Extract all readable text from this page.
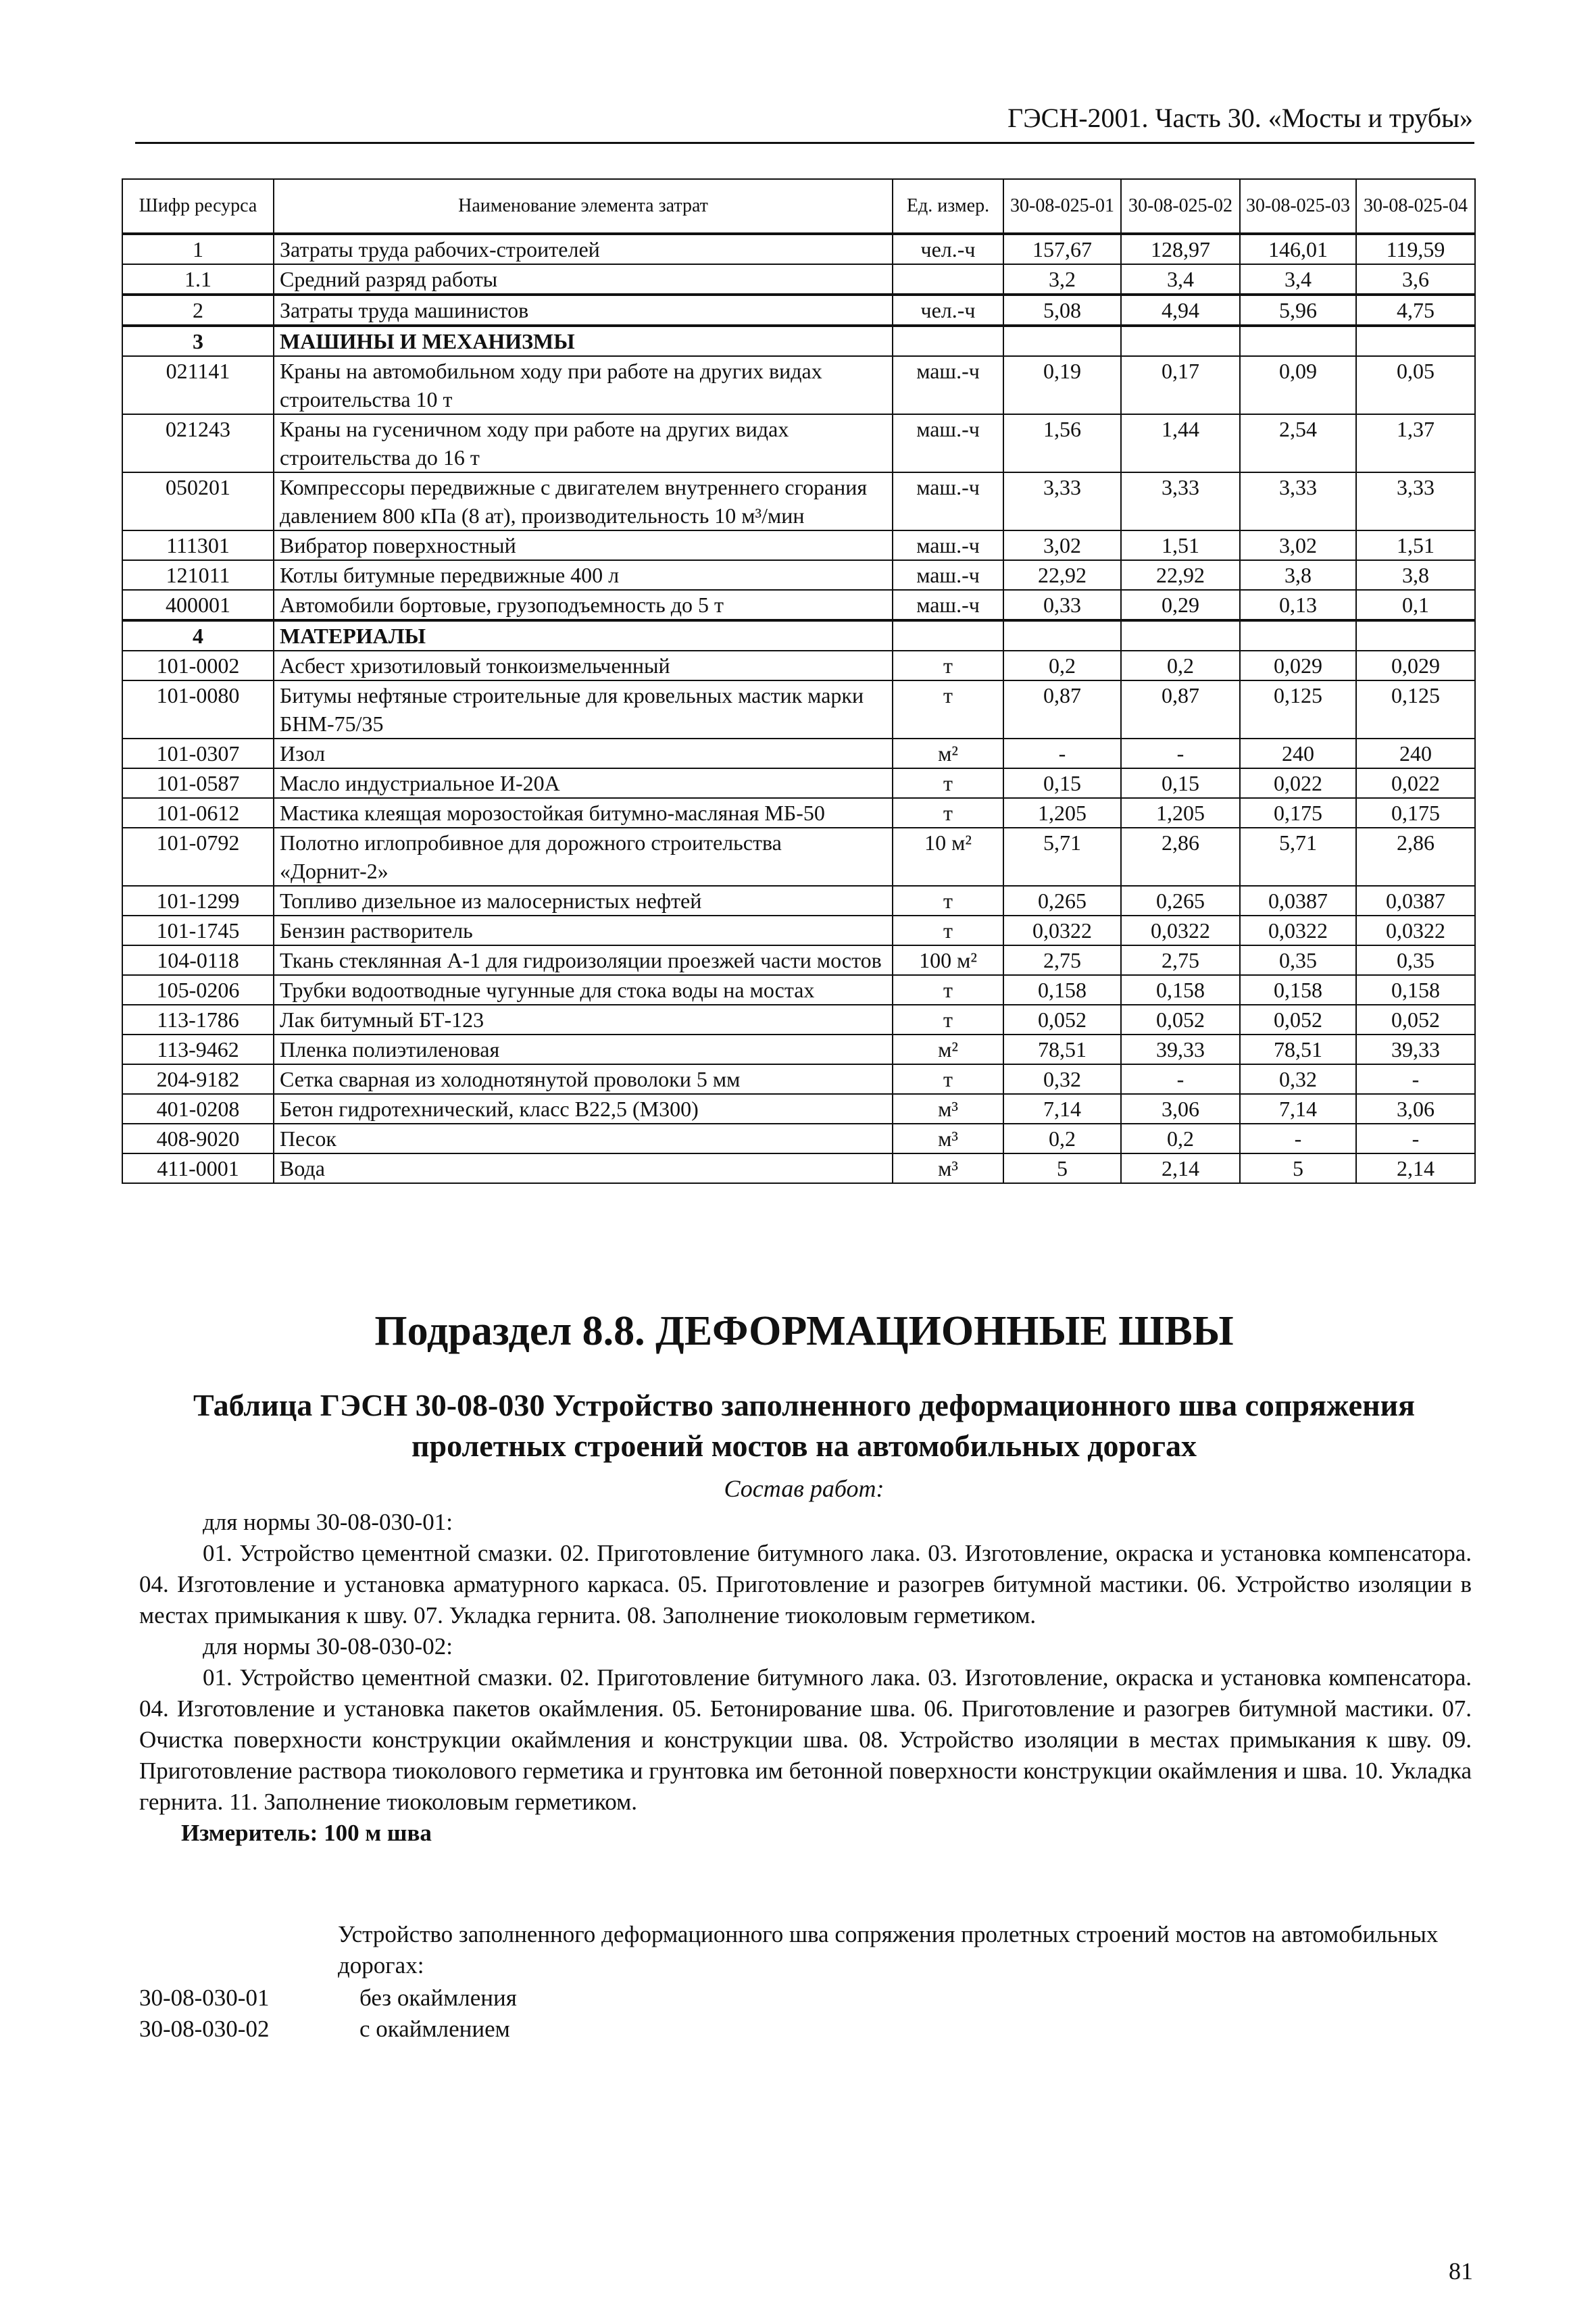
ГЭСН-2001. Часть 30. «Мосты и трубы»
Шифр ресурса	Наименование элемента затрат	Ед. измер.	30-08-025-01	30-08-025-02	30-08-025-03	30-08-025-04
1	Затраты труда рабочих-строителей	чел.-ч	157,67	128,97	146,01	119,59
1.1	Средний разряд работы		3,2	3,4	3,4	3,6
2	Затраты труда машинистов	чел.-ч	5,08	4,94	5,96	4,75
3	МАШИНЫ И МЕХАНИЗМЫ					
021141	Краны на автомобильном ходу при работе на других видах строительства 10 т	маш.-ч	0,19	0,17	0,09	0,05
021243	Краны на гусеничном ходу при работе на других видах строительства до 16 т	маш.-ч	1,56	1,44	2,54	1,37
050201	Компрессоры передвижные с двигателем внутреннего сгорания давлением 800 кПа (8 ат), производительность 10 м³/мин	маш.-ч	3,33	3,33	3,33	3,33
111301	Вибратор поверхностный	маш.-ч	3,02	1,51	3,02	1,51
121011	Котлы битумные передвижные 400 л	маш.-ч	22,92	22,92	3,8	3,8
400001	Автомобили бортовые, грузоподъемность до 5 т	маш.-ч	0,33	0,29	0,13	0,1
4	МАТЕРИАЛЫ					
101-0002	Асбест хризотиловый тонкоизмельченный	т	0,2	0,2	0,029	0,029
101-0080	Битумы нефтяные строительные для кровельных мастик марки БНМ-75/35	т	0,87	0,87	0,125	0,125
101-0307	Изол	м²	-	-	240	240
101-0587	Масло индустриальное И-20А	т	0,15	0,15	0,022	0,022
101-0612	Мастика клеящая морозостойкая битумно-масляная МБ-50	т	1,205	1,205	0,175	0,175
101-0792	Полотно иглопробивное для дорожного строительства «Дорнит-2»	10 м²	5,71	2,86	5,71	2,86
101-1299	Топливо дизельное из малосернистых нефтей	т	0,265	0,265	0,0387	0,0387
101-1745	Бензин растворитель	т	0,0322	0,0322	0,0322	0,0322
104-0118	Ткань стеклянная А-1 для гидроизоляции проезжей части мостов	100 м²	2,75	2,75	0,35	0,35
105-0206	Трубки водоотводные чугунные для стока воды на мостах	т	0,158	0,158	0,158	0,158
113-1786	Лак битумный БТ-123	т	0,052	0,052	0,052	0,052
113-9462	Пленка полиэтиленовая	м²	78,51	39,33	78,51	39,33
204-9182	Сетка сварная из холоднотянутой проволоки 5 мм	т	0,32	-	0,32	-
401-0208	Бетон гидротехнический, класс В22,5 (М300)	м³	7,14	3,06	7,14	3,06
408-9020	Песок	м³	0,2	0,2	-	-
411-0001	Вода	м³	5	2,14	5	2,14
Подраздел 8.8. ДЕФОРМАЦИОННЫЕ ШВЫ
Таблица ГЭСН 30-08-030 Устройство заполненного деформационного шва сопряжения
пролетных строений мостов на автомобильных дорогах
Состав работ:

для нормы 30-08-030-01:

01. Устройство цементной смазки. 02. Приготовление битумного лака. 03. Изготовление, окраска и установка компенсатора. 04. Изготовление и установка арматурного каркаса. 05. Приготовление и разогрев битумной мастики. 06. Устройство изоляции в местах примыкания к шву. 07. Укладка гернита. 08. Заполнение тиоколовым герметиком.

для нормы 30-08-030-02:

01. Устройство цементной смазки. 02. Приготовление битумного лака. 03. Изготовление, окраска и установка компенсатора. 04. Изготовление и установка пакетов окаймления. 05. Бетонирование шва. 06. Приготовление и разогрев битумной мастики. 07. Очистка поверхности конструкции окаймления и конструкции шва. 08. Устройство изоляции в местах примыкания к шву. 09. Приготовление раствора тиоколового герметика и грунтовка им бетонной поверхности конструкции окаймления и шва. 10. Укладка гернита. 11. Заполнение тиоколовым герметиком.

Измеритель: 100 м шва

Устройство заполненного деформационного шва сопряжения пролетных строений мостов на автомобильных дорогах:
30-08-030-01	без окаймления
30-08-030-02	с окаймлением
81
